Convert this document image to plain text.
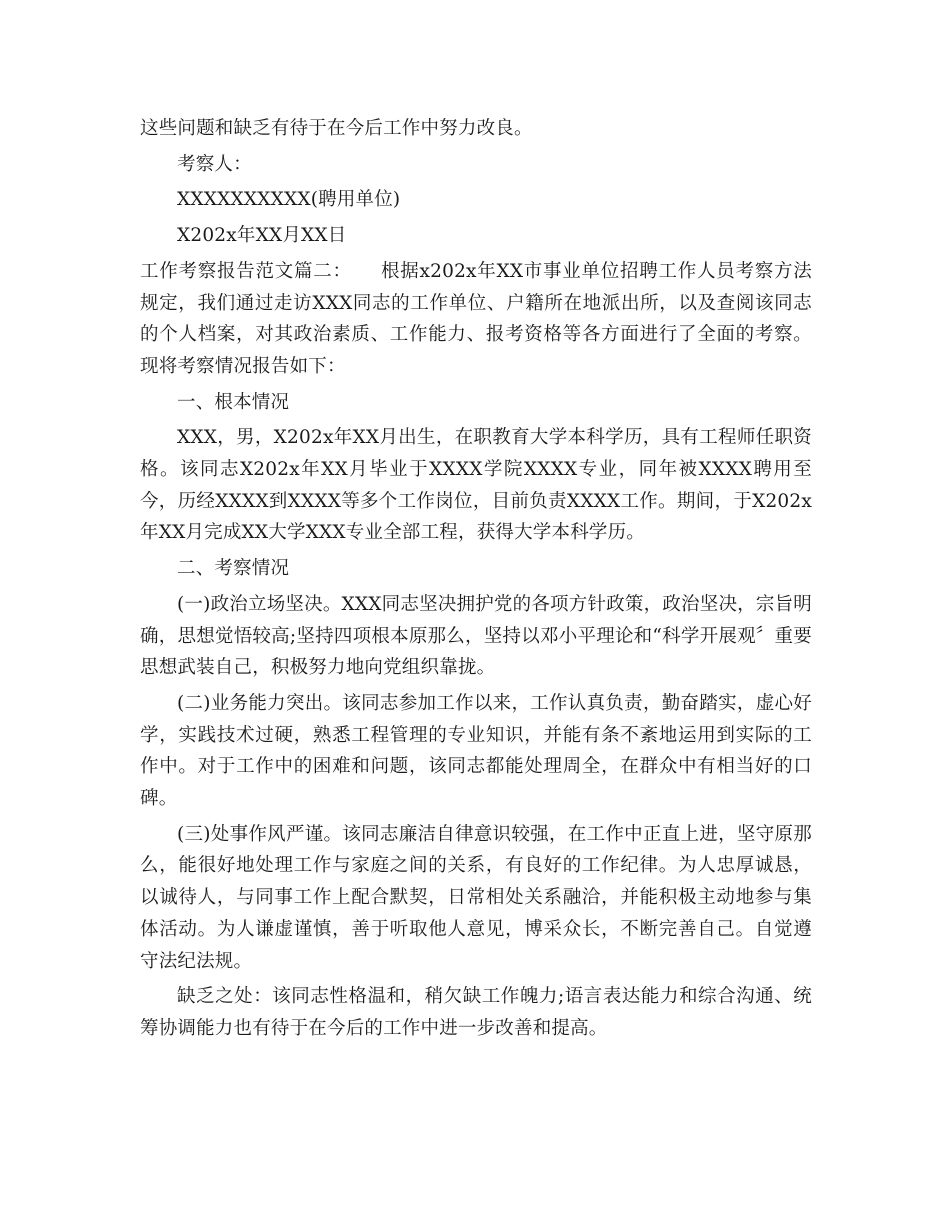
这些问题和缺乏有待于在今后工作中努力改良。

考察人：

XXXXXXXXXX(聘用单位)

X202x年XX月XX日

工作考察报告范文篇二：　　根据x202x年XX市事业单位招聘工作人员考察方法规定，我们通过走访XXX同志的工作单位、户籍所在地派出所，以及查阅该同志的个人档案，对其政治素质、工作能力、报考资格等各方面进行了全面的考察。现将考察情况报告如下：

一、根本情况

XXX，男，X202x年XX月出生，在职教育大学本科学历，具有工程师任职资格。该同志X202x年XX月毕业于XXXX学院XXXX专业，同年被XXXX聘用至今，历经XXXX到XXXX等多个工作岗位，目前负责XXXX工作。期间，于X202x年XX月完成XX大学XXX专业全部工程，获得大学本科学历。

二、考察情况

(一)政治立场坚决。XXX同志坚决拥护党的各项方针政策，政治坚决，宗旨明确，思想觉悟较高;坚持四项根本原那么，坚持以邓小平理论和“科学开展观〞重要思想武装自己，积极努力地向党组织靠拢。

(二)业务能力突出。该同志参加工作以来，工作认真负责，勤奋踏实，虚心好学，实践技术过硬，熟悉工程管理的专业知识，并能有条不紊地运用到实际的工作中。对于工作中的困难和问题，该同志都能处理周全，在群众中有相当好的口碑。

(三)处事作风严谨。该同志廉洁自律意识较强，在工作中正直上进，坚守原那么，能很好地处理工作与家庭之间的关系，有良好的工作纪律。为人忠厚诚恳，以诚待人，与同事工作上配合默契，日常相处关系融洽，并能积极主动地参与集体活动。为人谦虚谨慎，善于听取他人意见，博采众长，不断完善自己。自觉遵守法纪法规。

缺乏之处：该同志性格温和，稍欠缺工作魄力;语言表达能力和综合沟通、统筹协调能力也有待于在今后的工作中进一步改善和提高。
